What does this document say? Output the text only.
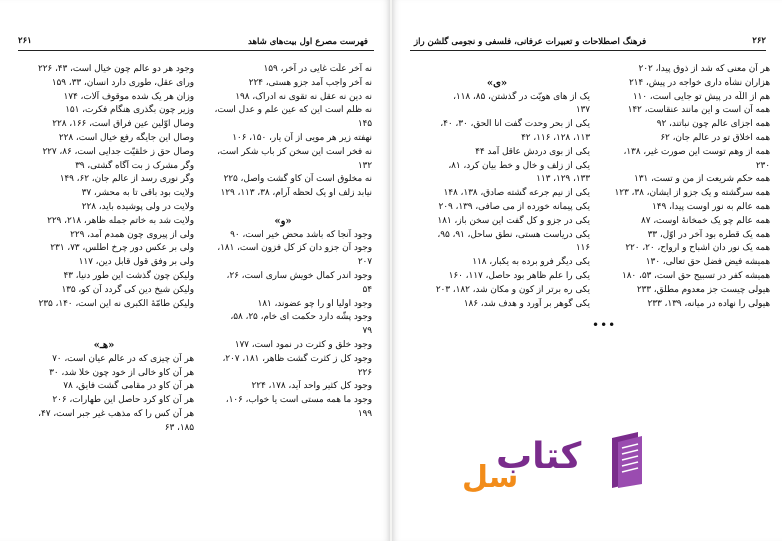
۲۶۱	فهرست مصرع اول بیت‌های شاهد
نه آخر علّت غایی در آخر، ۱۵۹
نه آخر واجب آمد جزو هستی، ۲۲۴
نه دین نه عقل نه تقوی نه ادراک، ۱۹۸
نه ظلم است این که عین علم و عدل است،
۱۴۵
نهفته زیر هر مویی از آن یار، ۱۵۰، ۱۰۶
نه فخر است این سخن کز باب شکر است،
۱۳۲
نه مخلوق است آن کاو گشت واصل، ۲۲۵
نیابد زلف او یک لحظه آرام، ۳۸، ۱۱۳، ۱۲۹
«و»
وجود آنجا که باشد محض خیر است، ۹۰
وجود آن جزو دان کز کل فزون است، ۱۸۱،
۲۰۷
وجود اندر کمال خویش ساری است، ۲۶،
۵۴
وجود اولیا او را چو عضوند، ۱۸۱
وجود پشّه دارد حکمت ای خام، ۲۵، ۵۸،
۷۹
وجود خلق و کثرت در نمود است، ۱۷۷
وجود کل ز کثرت گشت ظاهر، ۱۸۱، ۲۰۷،
۲۲۶
وجود کل کثیر واحد آید، ۱۷۸، ۲۲۴
وجود ما همه مستی است یا خواب، ۱۰۶،
۱۹۹
وجود هر دو عالم چون خیال است، ۴۳، ۲۲۶
ورای عقل، طوری دارد انسان، ۳۳، ۱۵۹
وزان هر یک شده موقوف آلات، ۱۷۴
وزیر چون بگذری هنگام فکرت، ۱۵۱
وصال اوّلین عین فراق است، ۱۶۶، ۲۲۸
وصال این جایگه رفع خیال است، ۲۲۸
وصال حق ز خلقیّت جدایی است، ۸۶، ۲۲۷
وگر مشرک ز بت آگاه گشتی، ۳۹
وگر نوری رسد از عالم جان، ۶۲، ۱۴۹
ولایت بود باقی تا به محشر، ۳۷
ولایت در ولی پوشیده باید، ۲۲۸
ولایت شد به خاتم جمله ظاهر، ۲۱۸، ۲۲۹
ولی از پیروی چون همدم آمد، ۲۲۹
ولی بر عکس دور چرخ اطلس، ۷۳، ۲۳۱
ولی بر وفق قول قابل دین، ۱۱۷
ولیکن چون گذشت این طور دنیا، ۴۳
ولیکن شیخ دین کی گردد آن کو، ۱۳۵
ولیکن طامّهٔ الکبری نه این است، ۱۴۰، ۲۳۵
«هـ»
هر آن چیزی که در عالم عیان است، ۷۰
هر آن کاو خالی از خود چون خلا شد، ۳۰
هر آن کاو در مقامی گشت فایق، ۷۸
هر آن کاو کرد حاصل این طهارات، ۲۰۶
هر آن کس را که مذهب غیر جبر است، ۴۷،
۱۸۵، ۶۳
۲۶۲
فرهنگ اصطلاحات و تعبیرات عرفانی، فلسفی و نجومی گلشن راز
هر آن معنی که شد از ذوق پیدا، ۲۰۲
هزاران نشأه داری خواجه در پیش، ۲۱۴
هم از اللّه در پیش تو جایی است، ۱۱۰
همه آن است و این مانند عنقاست، ۱۴۲
همه اجزای عالم چون نباتند، ۹۲
همه اخلاق تو در عالم جان، ۶۲
همه از وهم توست این صورت غیر، ۱۳۸،
۲۳۰
همه حکم شریعت از من و تست، ۱۳۱
همه سرگشته و یک جزو از ایشان، ۳۸، ۱۲۳
همه عالم به نور اوست پیدا، ۱۴۹
همه عالم چو یک خمخانهٔ اوست، ۸۷
همه یک قطره بود آخر در اوّل، ۳۳
همه یک نور دان اشباح و ارواح، ۲۰، ۲۲۰
همیشه فیض فضل حق تعالی، ۱۳۰
همیشه کفر در تسبیح حق است، ۵۳، ۱۸۰
هیولی چیست جز معدوم مطلق، ۲۳۳
هیولی را نهاده در میانه، ۱۳۹، ۲۳۳
«ی»
یک از های هویّت در گذشتن، ۸۵، ۱۱۸،
۱۳۷
یکی از بحر وحدت گفت انا الحق، ۳۰، ۴۰،
۱۱۳، ۱۲۸، ۱۱۶، ۴۲
یکی از بوی دردش عاقل آمد ۴۴
یکی از زلف و خال و خط بیان کرد، ۸۱،
۱۳۳، ۱۲۹، ۱۱۳
یکی از نیم جرعه گشته صادق، ۱۳۸، ۱۴۸
یکی پیمانه خورده از می صافی، ۱۳۹، ۲۰۹
یکی در جزو و کل گفت این سخن باز، ۱۸۱
یکی دریاست هستی، نطق ساحل، ۹۱، ۹۵،
۱۱۶
یکی دیگر فرو برده به یکبار، ۱۱۸
یکی را علم ظاهر بود حاصل، ۱۱۷، ۱۶۰
یکی ره برتر از کون و مکان شد، ۱۸۲، ۲۰۳
یکی گوهر بر آورد و هدف شد، ۱۸۶
•••
کتاب
سل
